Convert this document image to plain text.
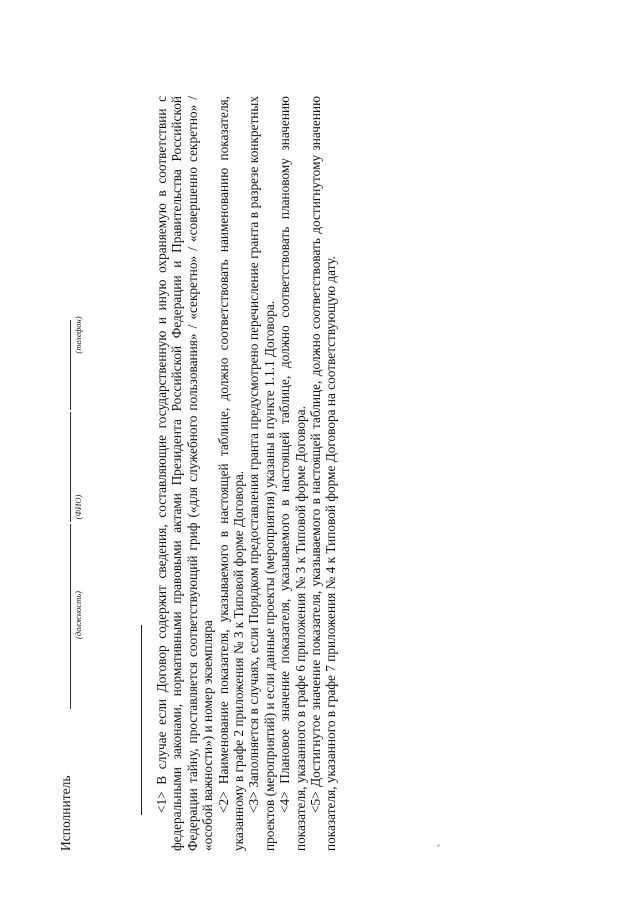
Исполнитель
(должность)
(ФИО)
(телефон)	<1> В случае если Договор содержит сведения, составляющие государственную и иную охраняемую в соответствии с федеральными законами, нормативными правовыми актами Президента Российской Федерации и Правительства Российской Федерации тайну, проставляется соответствующий гриф («для служебного пользования» / «секретно» / «совершенно секретно» / «особой важности») и номер экземпляра <2> Наименование показателя, указываемого в настоящей таблице, должно соответствовать наименованию показателя, указанному в графе 2 приложения № 3 к Типовой форме Договора. <3> Заполняется в случаях, если Порядком предоставления гранта предусмотрено перечисление гранта в разрезе конкретных проектов (мероприятий) и если данные проекты (мероприятия) указаны в пункте 1.1.1 Договора. <4> Плановое значение показателя, указываемого в настоящей таблице, должно соответствовать плановому значению показателя, указанного в графе 6 приложения № 3 к Типовой форме Договора. <5> Достигнутое значение показателя, указываемого в настоящей таблице, должно соответствовать достигнутому значению показателя, указанного в графе 7 приложения № 4 к Типовой форме Договора на соответствующую дату.
